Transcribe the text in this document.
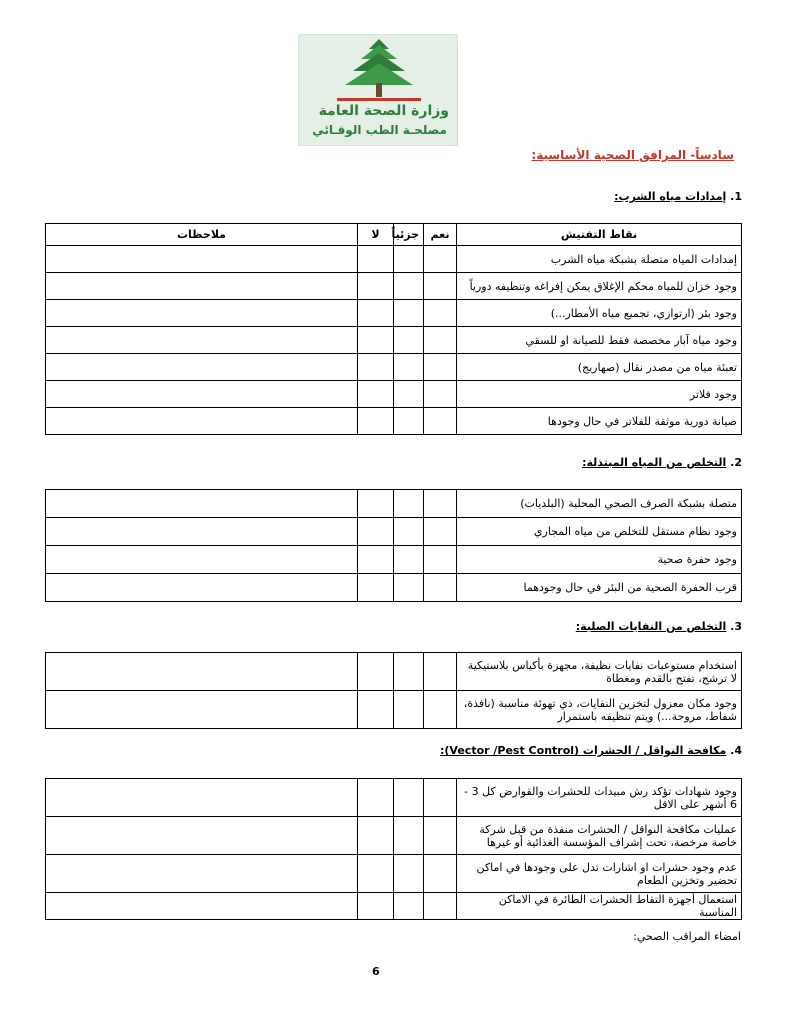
وزارة الصحة العامة
مصلحـة الطب الوقـائي
سادساً- المرافق الصحية الأساسية:
1. إمدادات مياه الشرب:
ملاحظات	لا	جزئياً	نعم	نقاط التفتيش
				إمدادات المياه متصلة بشبكة مياه الشرب
				وجود خزان للمياه محكم الإغلاق يمكن إفراغه وتنظيفه دورياً
				وجود بئر (ارتوازي، تجميع مياه الأمطار...)
				وجود مياه آبار مخصصة فقط للصيانة او للسقي
				تعبئة مياه من مصدر نقال (صهاريج)
				وجود فلاتر
				صيانة دورية موثقة للفلاتر في حال وجودها
2. التخلص من المياه المبتذلة:
				متصلة بشبكة الصرف الصحي المحلية (البلديات)
				وجود نظام مستقل للتخلص من مياه المجاري
				وجود حفرة صحية
				قرب الحفرة الصحية من البئر في حال وجودهما
3. التخلص من النفايات الصلبة:
				استخدام مستوعبات نفايات نظيفة، مجهزة بأكياس بلاستيكية لا ترشح، تفتح بالقدم ومغطاة
				وجود مكان معزول لتخزين النفايات، ذي تهوئة مناسبة (نافذة، شفاط، مروحة...) ويتم تنظيفه باستمرار
4. مكافحة النواقل / الحشرات (Vector /Pest Control):
				وجود شهادات تؤكد رش مبيدات للحشرات والقوارض كل 3 - 6 أشهر على الاقل
				عمليات مكافحة النواقل / الحشرات منفذة من قبل شركة خاصة مرخصة، تحت إشراف المؤسسة الغذائية أو غيرها
				عدم وجود حشرات او اشارات تدل على وجودها في اماكن تحضير وتخزين الطعام
				استعمال أجهزة التقاط الحشرات الطائرة في الاماكن المناسبة
امضاء المراقب الصحي:
6
